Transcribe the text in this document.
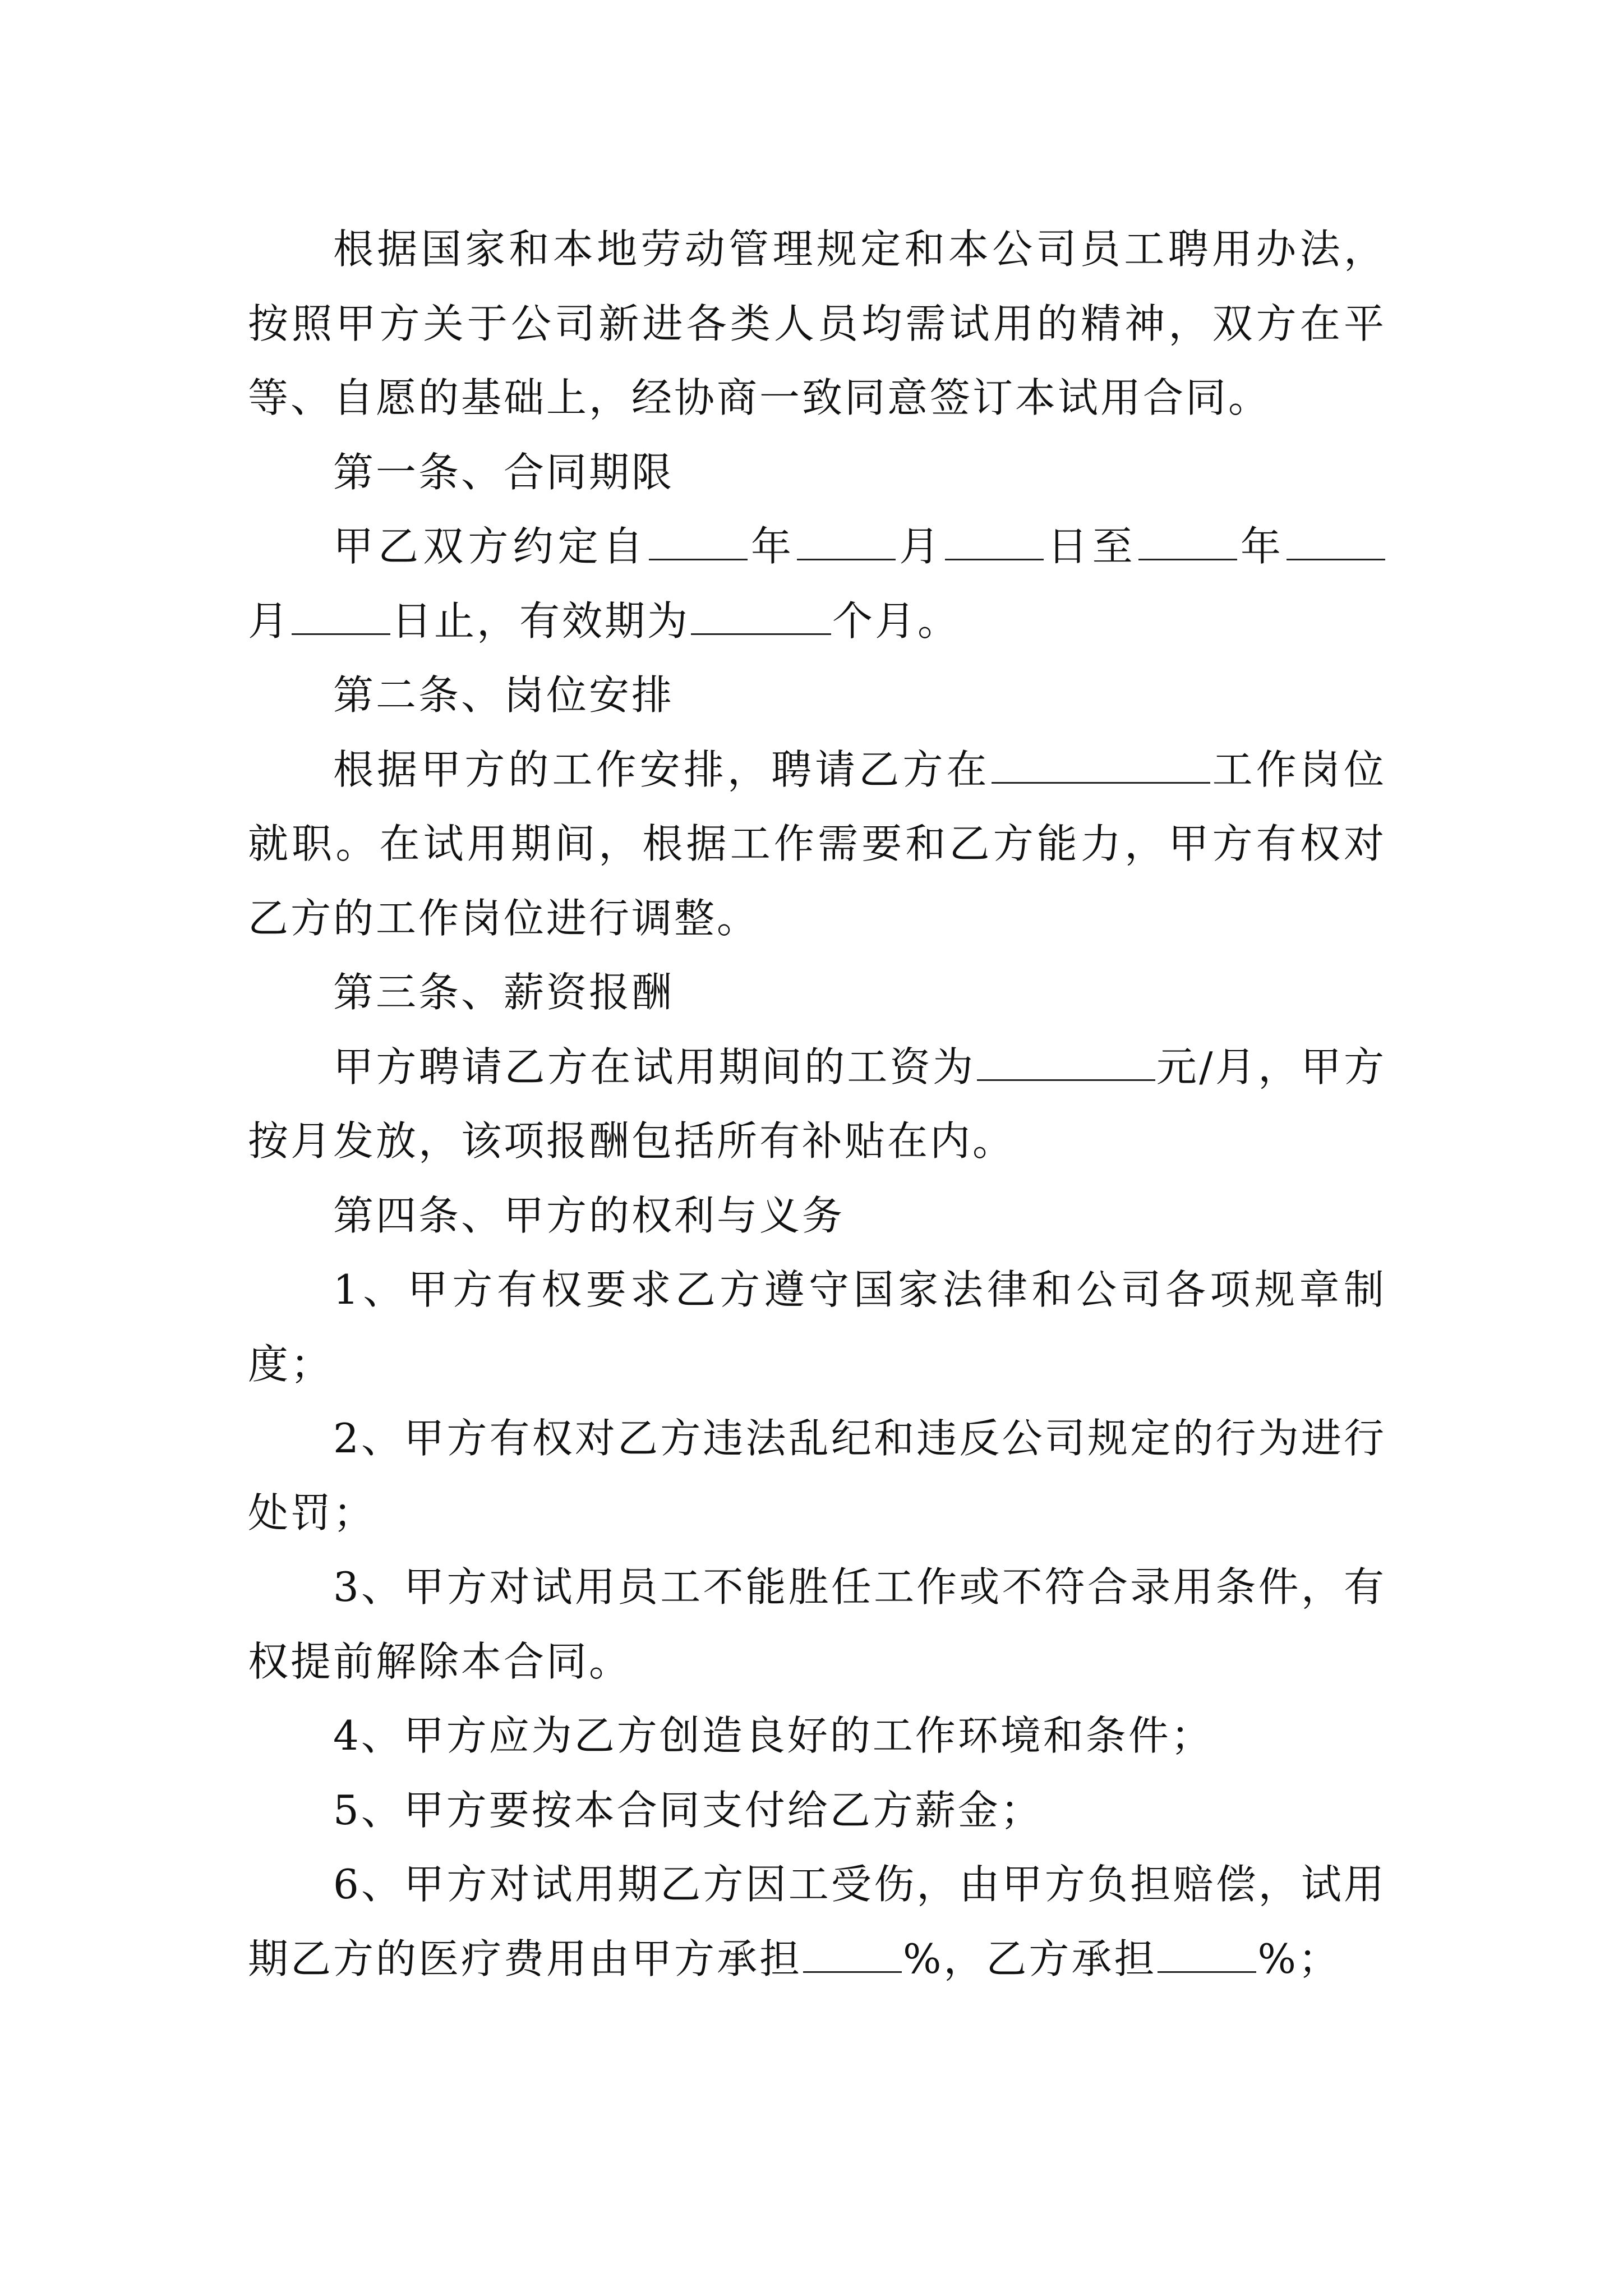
根据国家和本地劳动管理规定和本公司员工聘用办法，按照甲方关于公司新进各类人员均需试用的精神，双方在平等、自愿的基础上，经协商一致同意签订本试用合同。

第一条、合同期限

甲乙双方约定自	年	月	日至	年月	日止，有效期为	个月。

第二条、岗位安排

根据甲方的工作安排，聘请乙方在	工作岗位就职。在试用期间，根据工作需要和乙方能力，甲方有权对乙方的工作岗位进行调整。

第三条、薪资报酬

甲方聘请乙方在试用期间的工资为	元/月，甲方按月发放，该项报酬包括所有补贴在内。

第四条、甲方的权利与义务

1、甲方有权要求乙方遵守国家法律和公司各项规章制度；

2、甲方有权对乙方违法乱纪和违反公司规定的行为进行处罚；

3、甲方对试用员工不能胜任工作或不符合录用条件，有权提前解除本合同。

4、甲方应为乙方创造良好的工作环境和条件；

5、甲方要按本合同支付给乙方薪金；

6、甲方对试用期乙方因工受伤，由甲方负担赔偿，试用期乙方的医疗费用由甲方承担	%，乙方承担	%；
